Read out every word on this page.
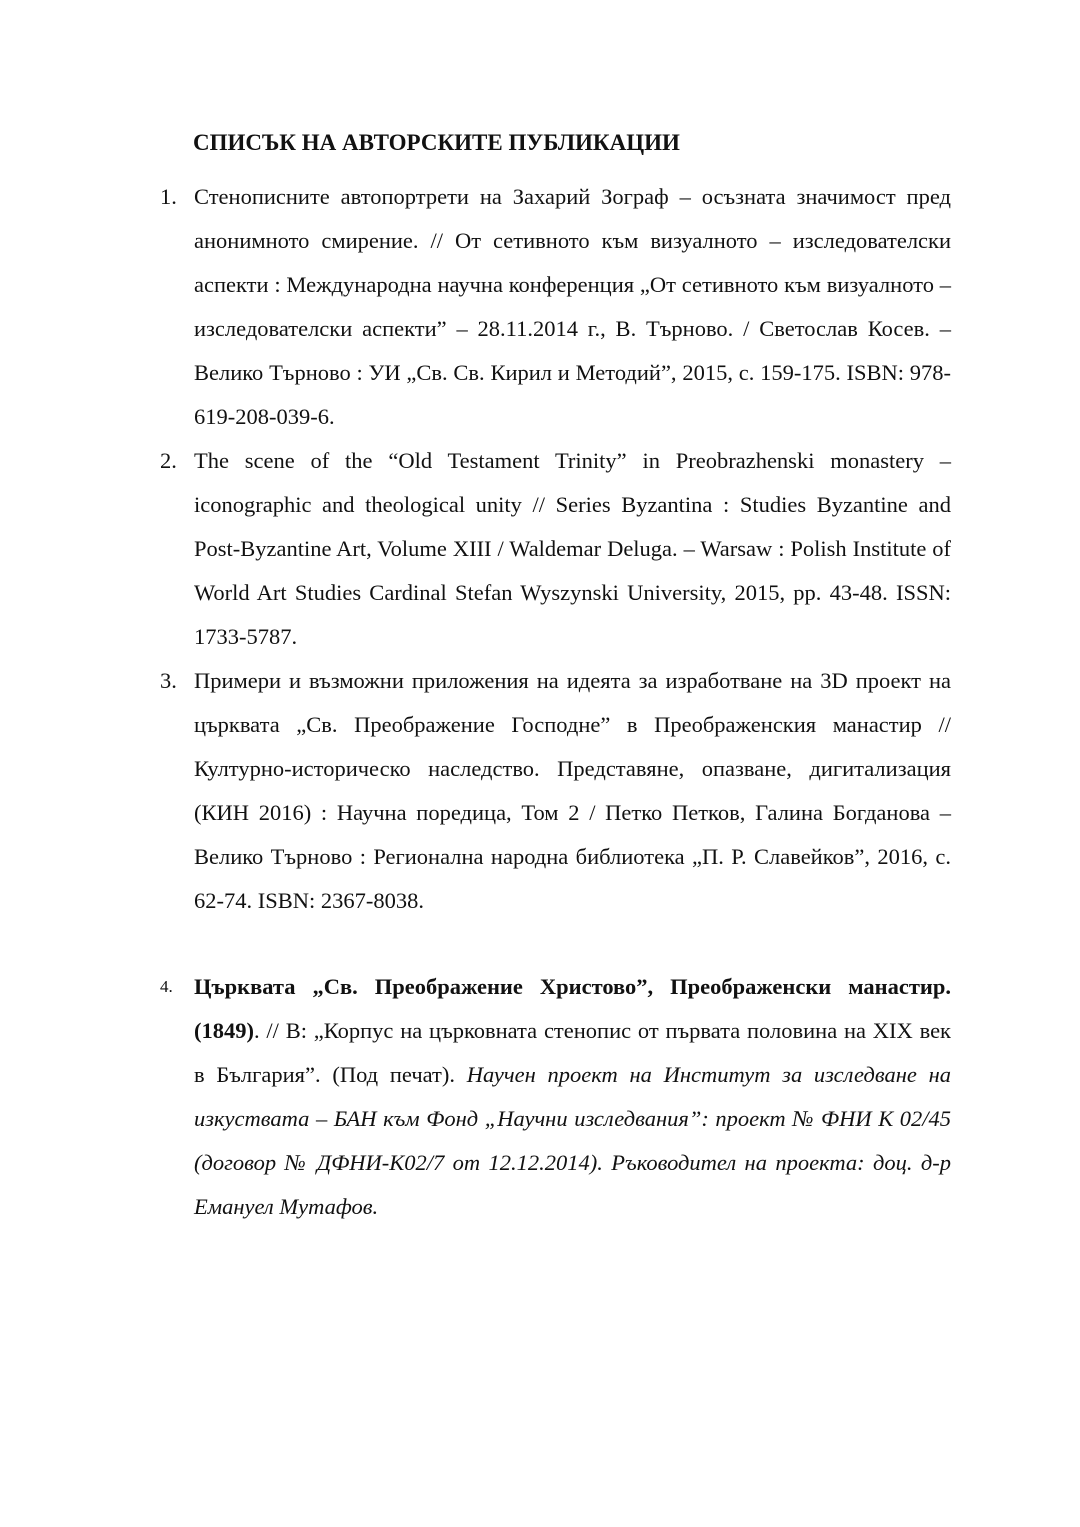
СПИСЪК НА АВТОРСКИТЕ ПУБЛИКАЦИИ
1. Стенописните автопортрети на Захарий Зограф – осъзната значимост пред анонимното смирение. // От сетивното към визуалното – изследователски аспекти : Международна научна конференция „От сетивното към визуалното – изследователски аспекти” – 28.11.2014 г., В. Търново. / Светослав Косев. – Велико Търново : УИ „Св. Св. Кирил и Методий”, 2015, с. 159-175. ISBN: 978-619-208-039-6.
2. The scene of the “Old Testament Trinity” in Preobrazhenski monastery – iconographic and theological unity // Series Byzantina : Studies Byzantine and Post-Byzantine Art, Volume XIII / Waldemar Deluga. – Warsaw : Polish Institute of World Art Studies Cardinal Stefan Wyszynski University, 2015, pp. 43-48. ISSN: 1733-5787.
3. Примери и възможни приложения на идеята за изработване на 3D проект на църквата „Св. Преображение Господне” в Преображенския манастир // Културно-историческо наследство. Представяне, опазване, дигитализация (КИН 2016) : Научна поредица, Том 2 / Петко Петков, Галина Богданова – Велико Търново : Регионална народна библиотека „П. Р. Славейков”, 2016, с. 62-74. ISBN: 2367-8038.
4. Църквата „Св. Преображение Христово”, Преображенски манастир. (1849). // В: „Корпус на църковната стенопис от първата половина на XIX век в България”. (Под печат). Научен проект на Институт за изследване на изкуствата – БАН към Фонд „Научни изследвания”: проект № ФНИ К 02/45 (договор № ДФНИ-К02/7 от 12.12.2014). Ръководител на проекта: доц. д-р Емануел Мутафов.
